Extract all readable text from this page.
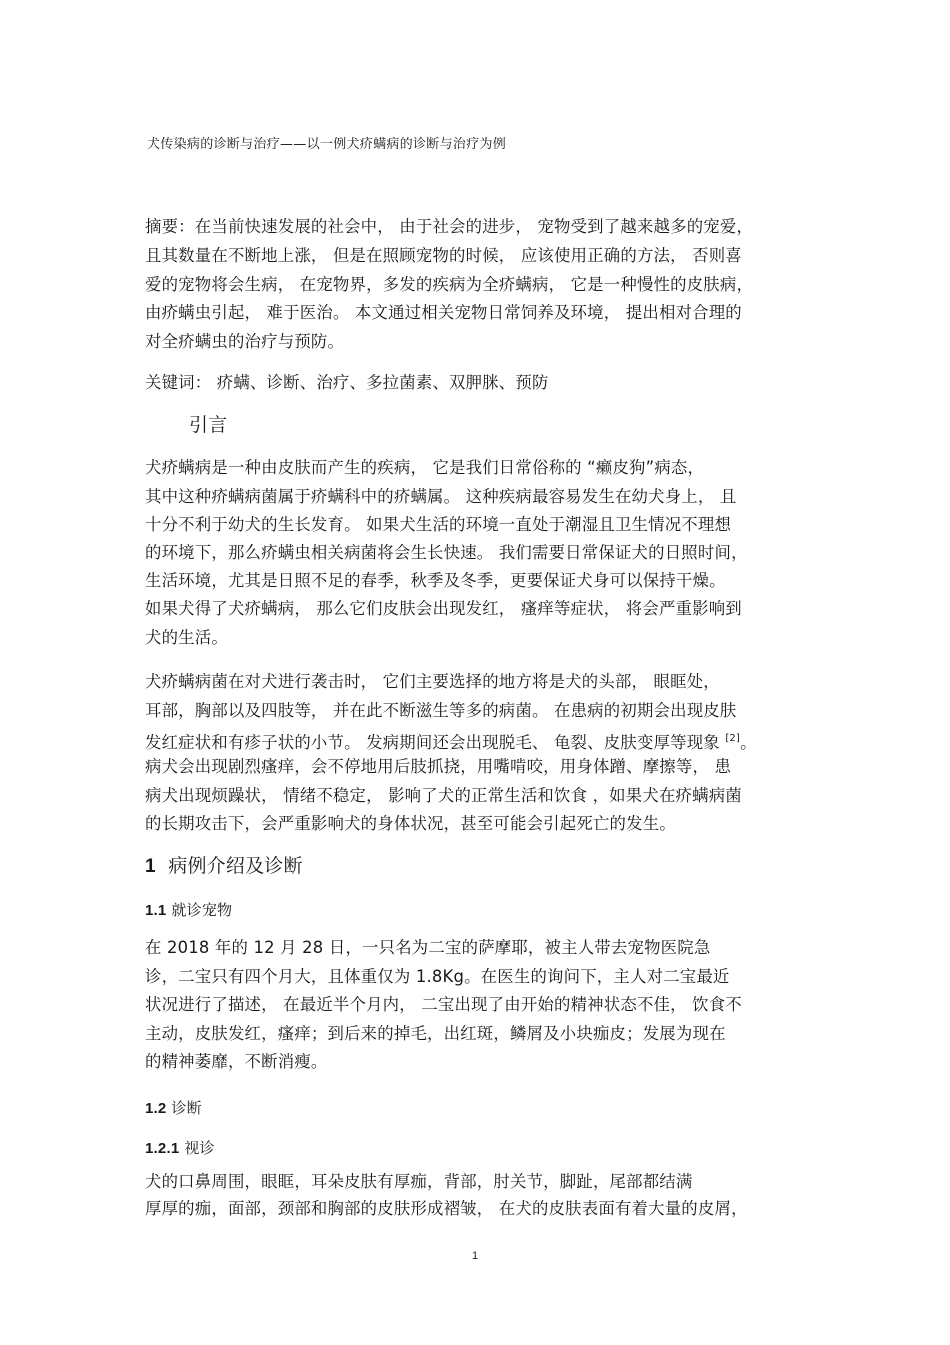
犬传染病的诊断与治疗——以一例犬疥螨病的诊断与治疗为例
摘要：在当前快速发展的社会中， 由于社会的进步， 宠物受到了越来越多的宠爱，
且其数量在不断地上涨， 但是在照顾宠物的时候， 应该使用正确的方法， 否则喜
爱的宠物将会生病， 在宠物界，多发的疾病为全疥螨病， 它是一种慢性的皮肤病，
由疥螨虫引起， 难于医治。 本文通过相关宠物日常饲养及环境， 提出相对合理的
对全疥螨虫的治疗与预防。
关键词： 疥螨、诊断、治疗、多拉菌素、双胛脒、预防
引言
犬疥螨病是一种由皮肤而产生的疾病， 它是我们日常俗称的 “癞皮狗”病态，
其中这种疥螨病菌属于疥螨科中的疥螨属。 这种疾病最容易发生在幼犬身上， 且
十分不利于幼犬的生长发育。 如果犬生活的环境一直处于潮湿且卫生情况不理想
的环境下，那么疥螨虫相关病菌将会生长快速。 我们需要日常保证犬的日照时间，
生活环境，尤其是日照不足的春季，秋季及冬季，更要保证犬身可以保持干燥。
如果犬得了犬疥螨病， 那么它们皮肤会出现发红， 瘙痒等症状， 将会严重影响到
犬的生活。
犬疥螨病菌在对犬进行袭击时， 它们主要选择的地方将是犬的头部， 眼眶处，
耳部，胸部以及四肢等， 并在此不断滋生等多的病菌。 在患病的初期会出现皮肤
发红症状和有疹子状的小节。 发病期间还会出现脱毛、 龟裂、皮肤变厚等现象 [2]。
病犬会出现剧烈瘙痒，会不停地用后肢抓挠，用嘴啃咬，用身体蹭、摩擦等， 患
病犬出现烦躁状， 情绪不稳定， 影响了犬的正常生活和饮食 ，如果犬在疥螨病菌
的长期攻击下，会严重影响犬的身体状况，甚至可能会引起死亡的发生。
1 病例介绍及诊断
1.1 就诊宠物
在 2018 年的 12 月 28 日，一只名为二宝的萨摩耶，被主人带去宠物医院急
诊，二宝只有四个月大，且体重仅为 1.8Kg。在医生的询问下，主人对二宝最近
状况进行了描述， 在最近半个月内， 二宝出现了由开始的精神状态不佳， 饮食不
主动，皮肤发红，瘙痒；到后来的掉毛，出红斑，鳞屑及小块痂皮；发展为现在
的精神萎靡，不断消瘦。
1.2 诊断
1.2.1 视诊
犬的口鼻周围，眼眶，耳朵皮肤有厚痂，背部，肘关节，脚趾，尾部都结满
厚厚的痂，面部，颈部和胸部的皮肤形成褶皱， 在犬的皮肤表面有着大量的皮屑，
1
